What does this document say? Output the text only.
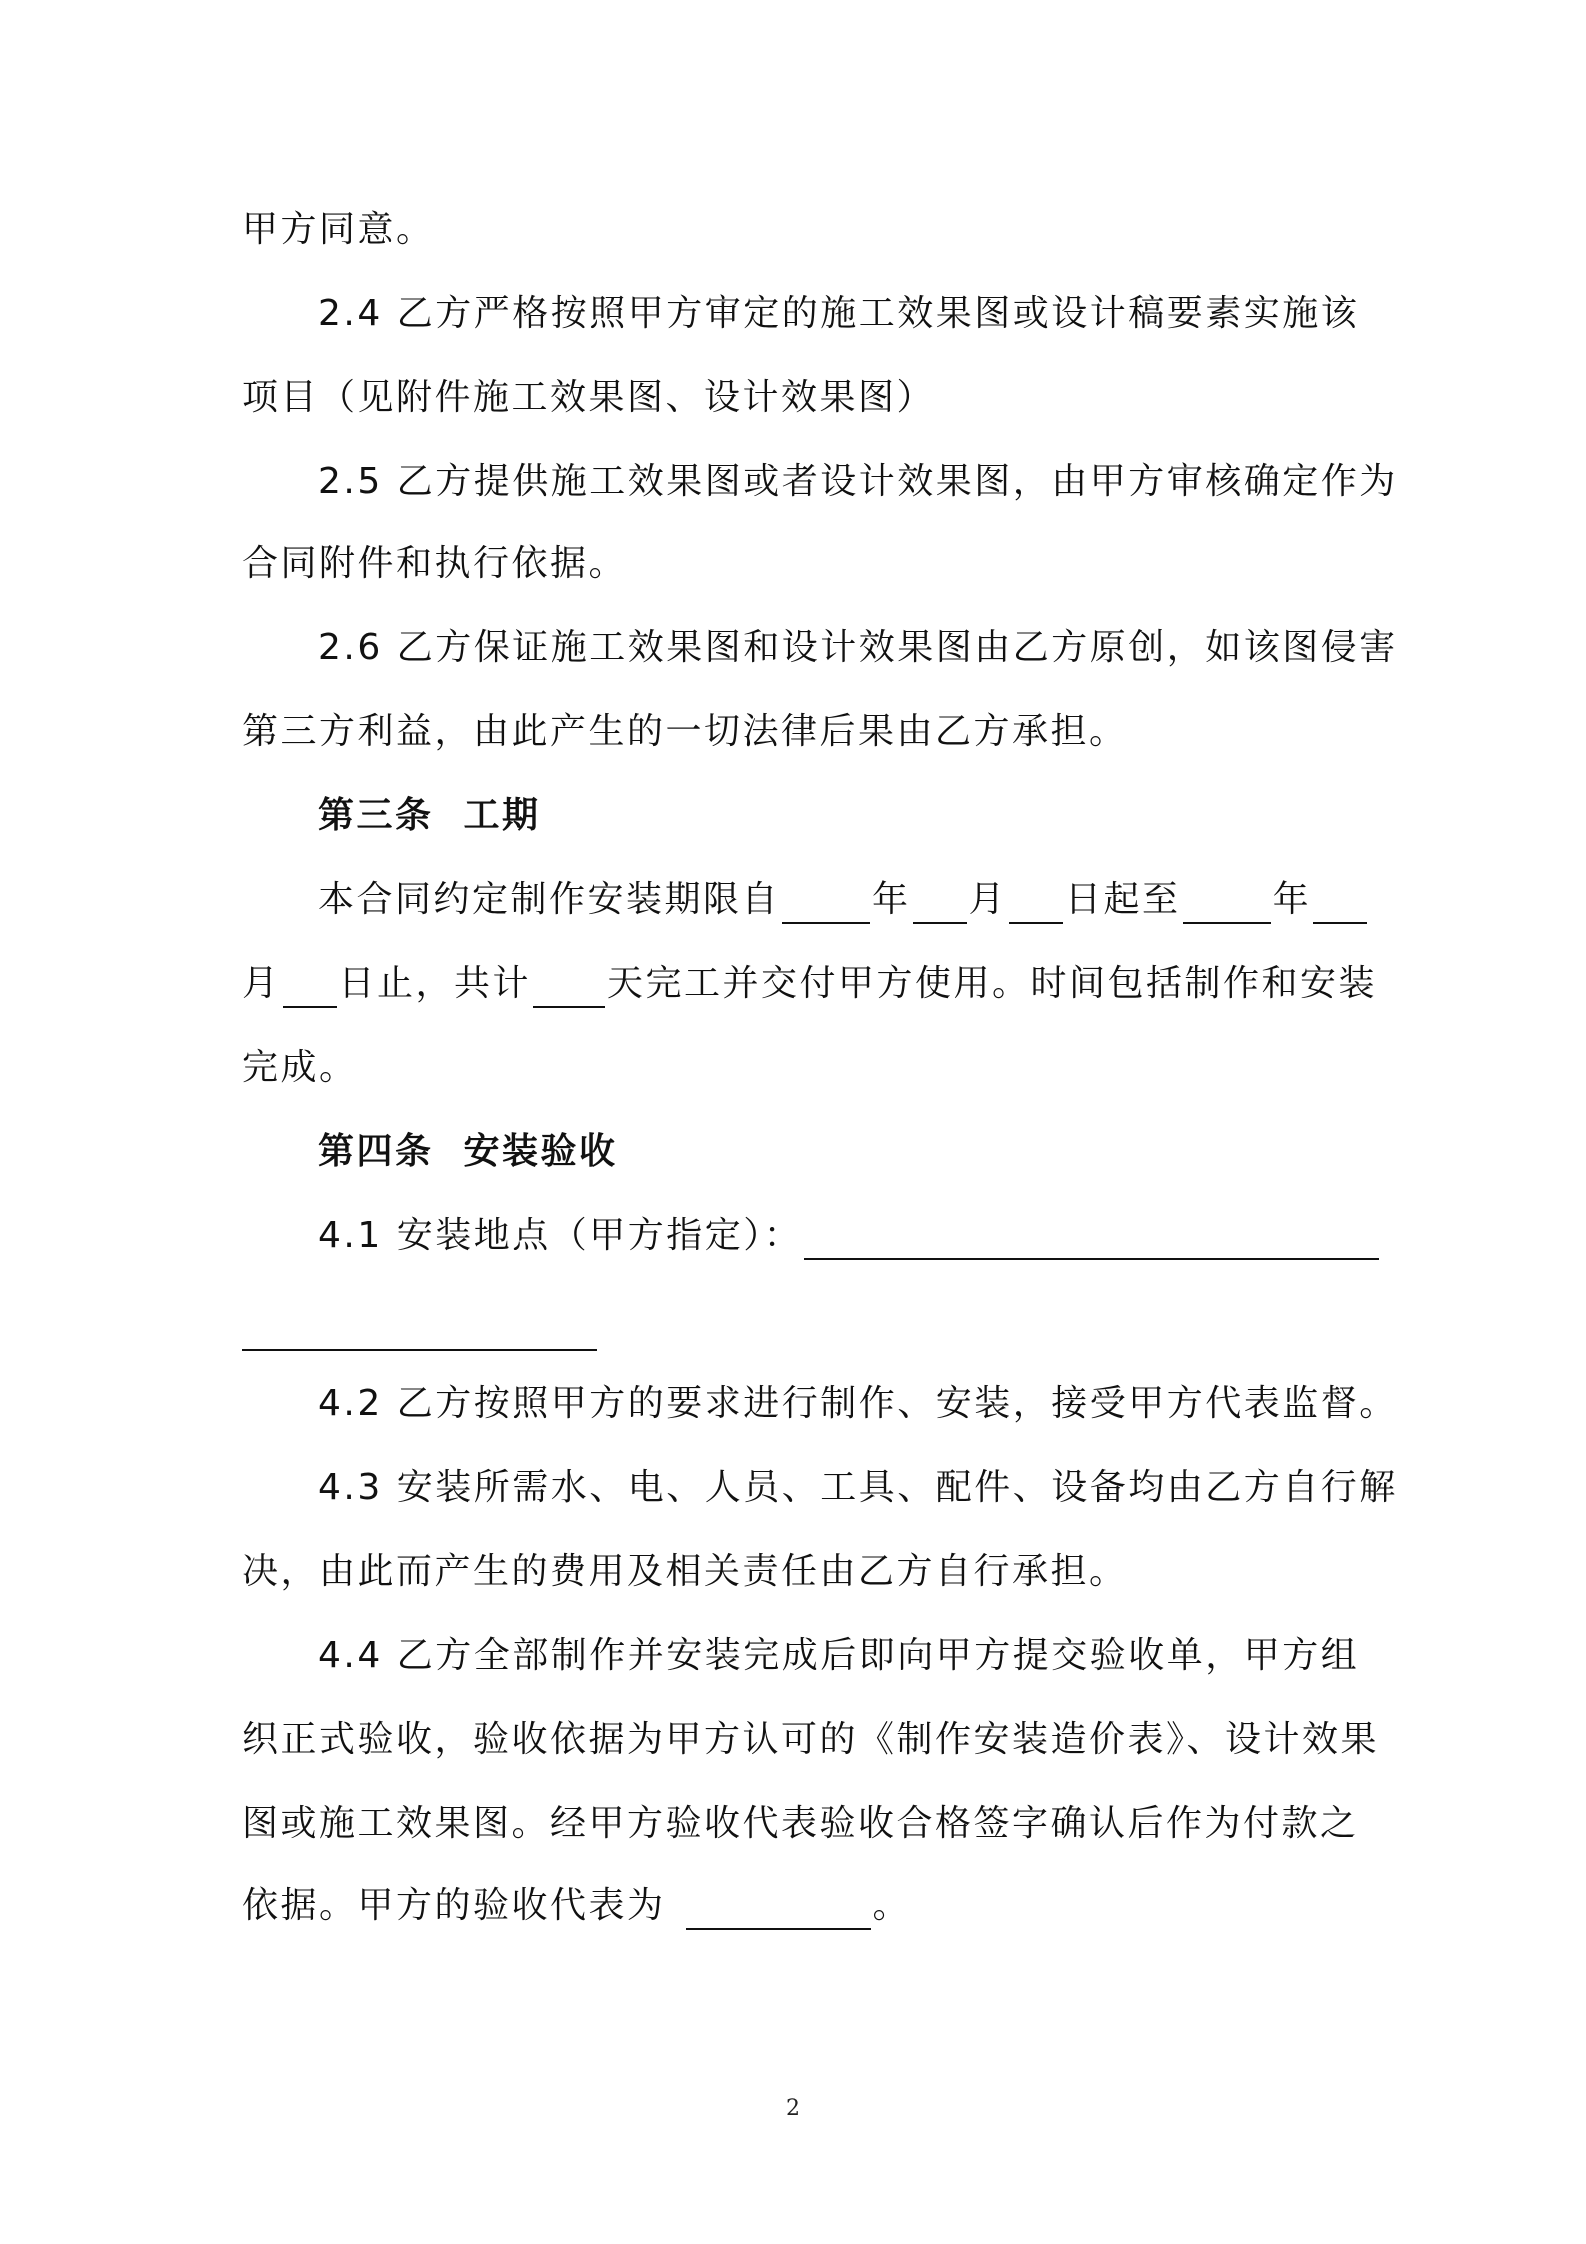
甲方同意。
2.4 乙方严格按照甲方审定的施工效果图或设计稿要素实施该
项目（见附件施工效果图、设计效果图）
2.5 乙方提供施工效果图或者设计效果图，由甲方审核确定作为
合同附件和执行依据。
2.6 乙方保证施工效果图和设计效果图由乙方原创，如该图侵害
第三方利益，由此产生的一切法律后果由乙方承担。
第三条 工期
本合同约定制作安装期限自	年 月 日起至	年
月 日止，共计 天完工并交付甲方使用。时间包括制作和安装
完成。
第四条 安装验收
4.1 安装地点（甲方指定）：
4.2 乙方按照甲方的要求进行制作、安装，接受甲方代表监督。
4.3 安装所需水、电、人员、工具、配件、设备均由乙方自行解
决，由此而产生的费用及相关责任由乙方自行承担。
4.4 乙方全部制作并安装完成后即向甲方提交验收单，甲方组
织正式验收，验收依据为甲方认可的《制作安装造价表》、设计效果
图或施工效果图。经甲方验收代表验收合格签字确认后作为付款之
依据。甲方的验收代表为	。
2
